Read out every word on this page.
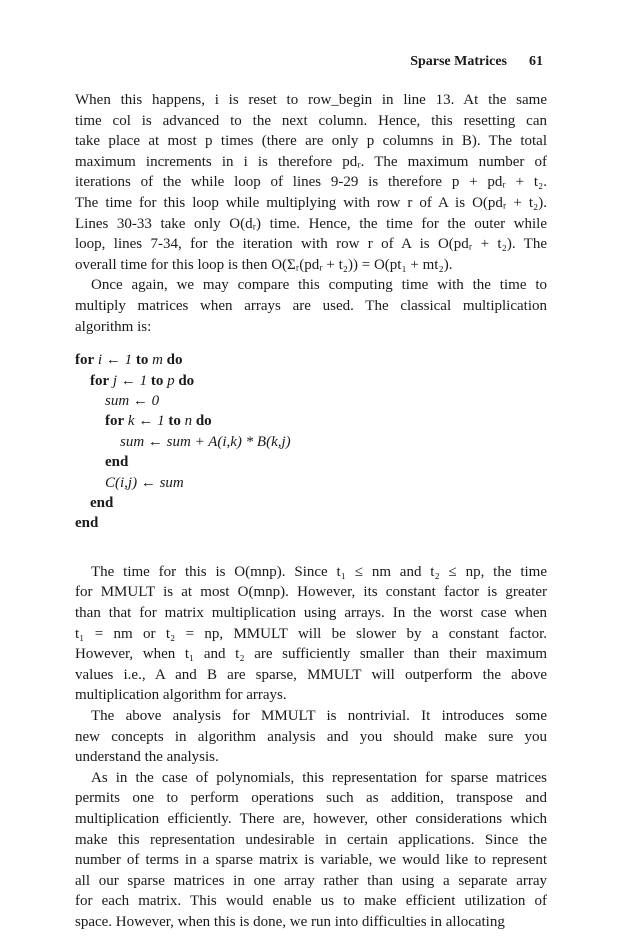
Sparse Matrices 61

When this happens, i is reset to row_begin in line 13. At the same

time col is advanced to the next column. Hence, this resetting can

take place at most p times (there are only p columns in B). The total

maximum increments in i is therefore pdᵣ. The maximum number of

iterations of the while loop of lines 9-29 is therefore p + pdᵣ + t₂.

The time for this loop while multiplying with row r of A is O(pdᵣ + t₂).

Lines 30-33 take only O(dᵣ) time. Hence, the time for the outer while

loop, lines 7-34, for the iteration with row r of A is O(pdᵣ + t₂). The

overall time for this loop is then O(Σᵣ(pdᵣ + t₂)) = O(pt₁ + mt₂).

Once again, we may compare this computing time with the time to

multiply matrices when arrays are used. The classical multiplication

algorithm is:

for i ← 1 to m do
for j ← 1 to p do
sum ← 0
for k ← 1 to n do
sum ← sum + A(i,k) * B(k,j)
end
C(i,j) ← sum
end
end

The time for this is O(mnp). Since t₁ ≤ nm and t₂ ≤ np, the time

for MMULT is at most O(mnp). However, its constant factor is greater

than that for matrix multiplication using arrays. In the worst case when

t₁ = nm or t₂ = np, MMULT will be slower by a constant factor.

However, when t₁ and t₂ are sufficiently smaller than their maximum

values i.e., A and B are sparse, MMULT will outperform the above

multiplication algorithm for arrays.

The above analysis for MMULT is nontrivial. It introduces some

new concepts in algorithm analysis and you should make sure you

understand the analysis.

As in the case of polynomials, this representation for sparse matrices

permits one to perform operations such as addition, transpose and

multiplication efficiently. There are, however, other considerations which

make this representation undesirable in certain applications. Since the

number of terms in a sparse matrix is variable, we would like to represent

all our sparse matrices in one array rather than using a separate array

for each matrix. This would enable us to make efficient utilization of

space. However, when this is done, we run into difficulties in allocating
